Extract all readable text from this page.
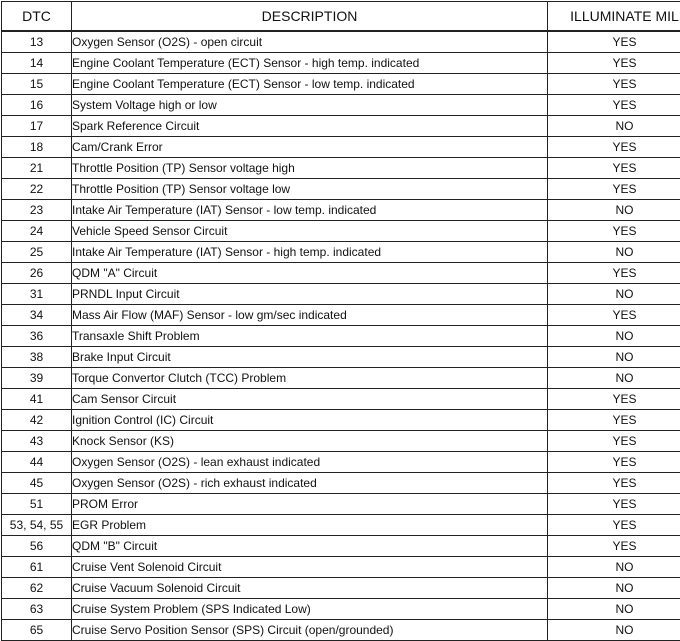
DTC	DESCRIPTION	ILLUMINATE MIL
13	Oxygen Sensor (O2S) - open circuit	YES
14	Engine Coolant Temperature (ECT) Sensor - high temp. indicated	YES
15	Engine Coolant Temperature (ECT) Sensor - low temp. indicated	YES
16	System Voltage high or low	YES
17	Spark Reference Circuit	NO
18	Cam/Crank Error	YES
21	Throttle Position (TP) Sensor voltage high	YES
22	Throttle Position (TP) Sensor voltage low	YES
23	Intake Air Temperature (IAT) Sensor - low temp. indicated	NO
24	Vehicle Speed Sensor Circuit	YES
25	Intake Air Temperature (IAT) Sensor - high temp. indicated	NO
26	QDM "A" Circuit	YES
31	PRNDL Input Circuit	NO
34	Mass Air Flow (MAF) Sensor - low gm/sec indicated	YES
36	Transaxle Shift Problem	NO
38	Brake Input Circuit	NO
39	Torque Convertor Clutch (TCC) Problem	NO
41	Cam Sensor Circuit	YES
42	Ignition Control (IC) Circuit	YES
43	Knock Sensor (KS)	YES
44	Oxygen Sensor (O2S) - lean exhaust indicated	YES
45	Oxygen Sensor (O2S) - rich exhaust indicated	YES
51	PROM Error	YES
53, 54, 55	EGR Problem	YES
56	QDM "B" Circuit	YES
61	Cruise Vent Solenoid Circuit	NO
62	Cruise Vacuum Solenoid Circuit	NO
63	Cruise System Problem (SPS Indicated Low)	NO
65	Cruise Servo Position Sensor (SPS) Circuit (open/grounded)	NO
